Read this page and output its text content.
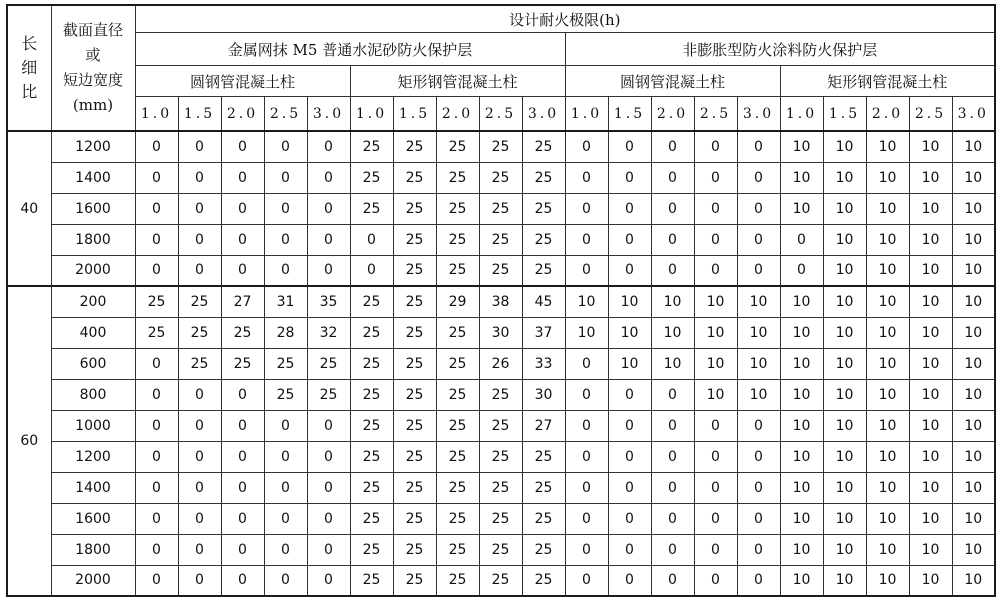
长
细
比	截面直径
或
短边宽度
(mm)	设计耐火极限(h)																			
		金属网抹 M5 普通水泥砂防火保护层										非膨胀型防火涂料防火保护层									
		圆钢管混凝土柱					矩形钢管混凝土柱					圆钢管混凝土柱					矩形钢管混凝土柱				
		1.0	1.5	2.0	2.5	3.0	1.0	1.5	2.0	2.5	3.0	1.0	1.5	2.0	2.5	3.0	1.0	1.5	2.0	2.5	3.0
40	1200	0	0	0	0	0	25	25	25	25	25	0	0	0	0	0	10	10	10	10	10
	1400	0	0	0	0	0	25	25	25	25	25	0	0	0	0	0	10	10	10	10	10
	1600	0	0	0	0	0	25	25	25	25	25	0	0	0	0	0	10	10	10	10	10
	1800	0	0	0	0	0	0	25	25	25	25	0	0	0	0	0	0	10	10	10	10
	2000	0	0	0	0	0	0	25	25	25	25	0	0	0	0	0	0	10	10	10	10
60	200	25	25	27	31	35	25	25	29	38	45	10	10	10	10	10	10	10	10	10	10
	400	25	25	25	28	32	25	25	25	30	37	10	10	10	10	10	10	10	10	10	10
	600	0	25	25	25	25	25	25	25	26	33	0	10	10	10	10	10	10	10	10	10
	800	0	0	0	25	25	25	25	25	25	30	0	0	0	10	10	10	10	10	10	10
	1000	0	0	0	0	0	25	25	25	25	27	0	0	0	0	0	10	10	10	10	10
	1200	0	0	0	0	0	25	25	25	25	25	0	0	0	0	0	10	10	10	10	10
	1400	0	0	0	0	0	25	25	25	25	25	0	0	0	0	0	10	10	10	10	10
	1600	0	0	0	0	0	25	25	25	25	25	0	0	0	0	0	10	10	10	10	10
	1800	0	0	0	0	0	25	25	25	25	25	0	0	0	0	0	10	10	10	10	10
	2000	0	0	0	0	0	25	25	25	25	25	0	0	0	0	0	10	10	10	10	10
